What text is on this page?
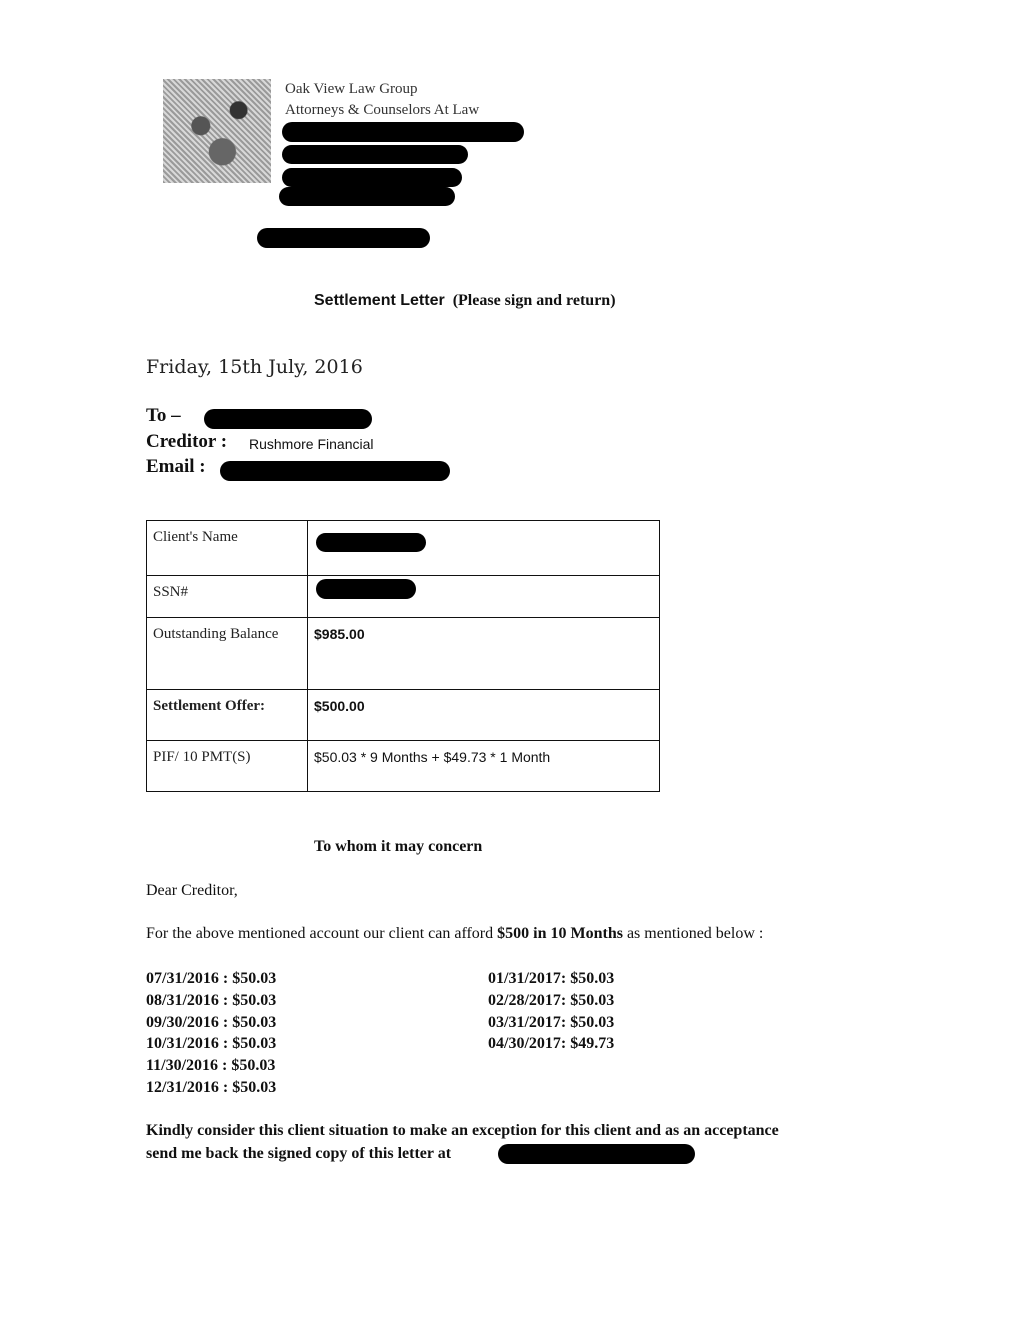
Oak View Law Group
Attorneys & Counselors At Law
Settlement Letter (Please sign and return)
Friday, 15th July, 2016
To –
Creditor : Rushmore Financial
Email :
Client's Name	

SSN#	

Outstanding Balance	$985.00
Settlement Offer:	$500.00
PIF/ 10 PMT(S)	$50.03 * 9 Months + $49.73 * 1 Month
To whom it may concern
Dear Creditor,
For the above mentioned account our client can afford $500 in 10 Months as mentioned below :
07/31/2016 : $50.03
08/31/2016 : $50.03
09/30/2016 : $50.03
10/31/2016 : $50.03
11/30/2016 : $50.03
12/31/2016 : $50.03
01/31/2017: $50.03
02/28/2017: $50.03
03/31/2017: $50.03
04/30/2017: $49.73
Kindly consider this client situation to make an exception for this client and as an acceptance
send me back the signed copy of this letter at
